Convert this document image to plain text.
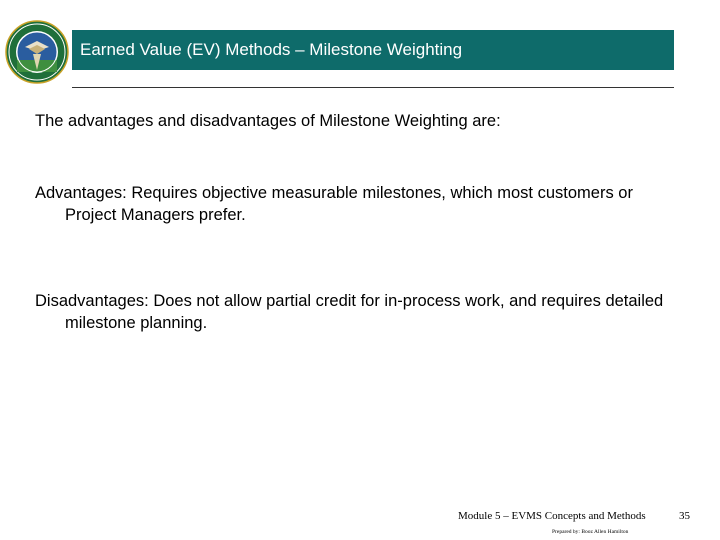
Earned Value (EV) Methods – Milestone Weighting
The advantages and disadvantages of Milestone Weighting are:
Advantages: Requires objective measurable milestones, which most customers or Project Managers prefer.
Disadvantages: Does not allow partial credit for in-process work, and requires detailed milestone planning.
Module 5 – EVMS Concepts and Methods
Prepared by: Booz Allen Hamilton
35
